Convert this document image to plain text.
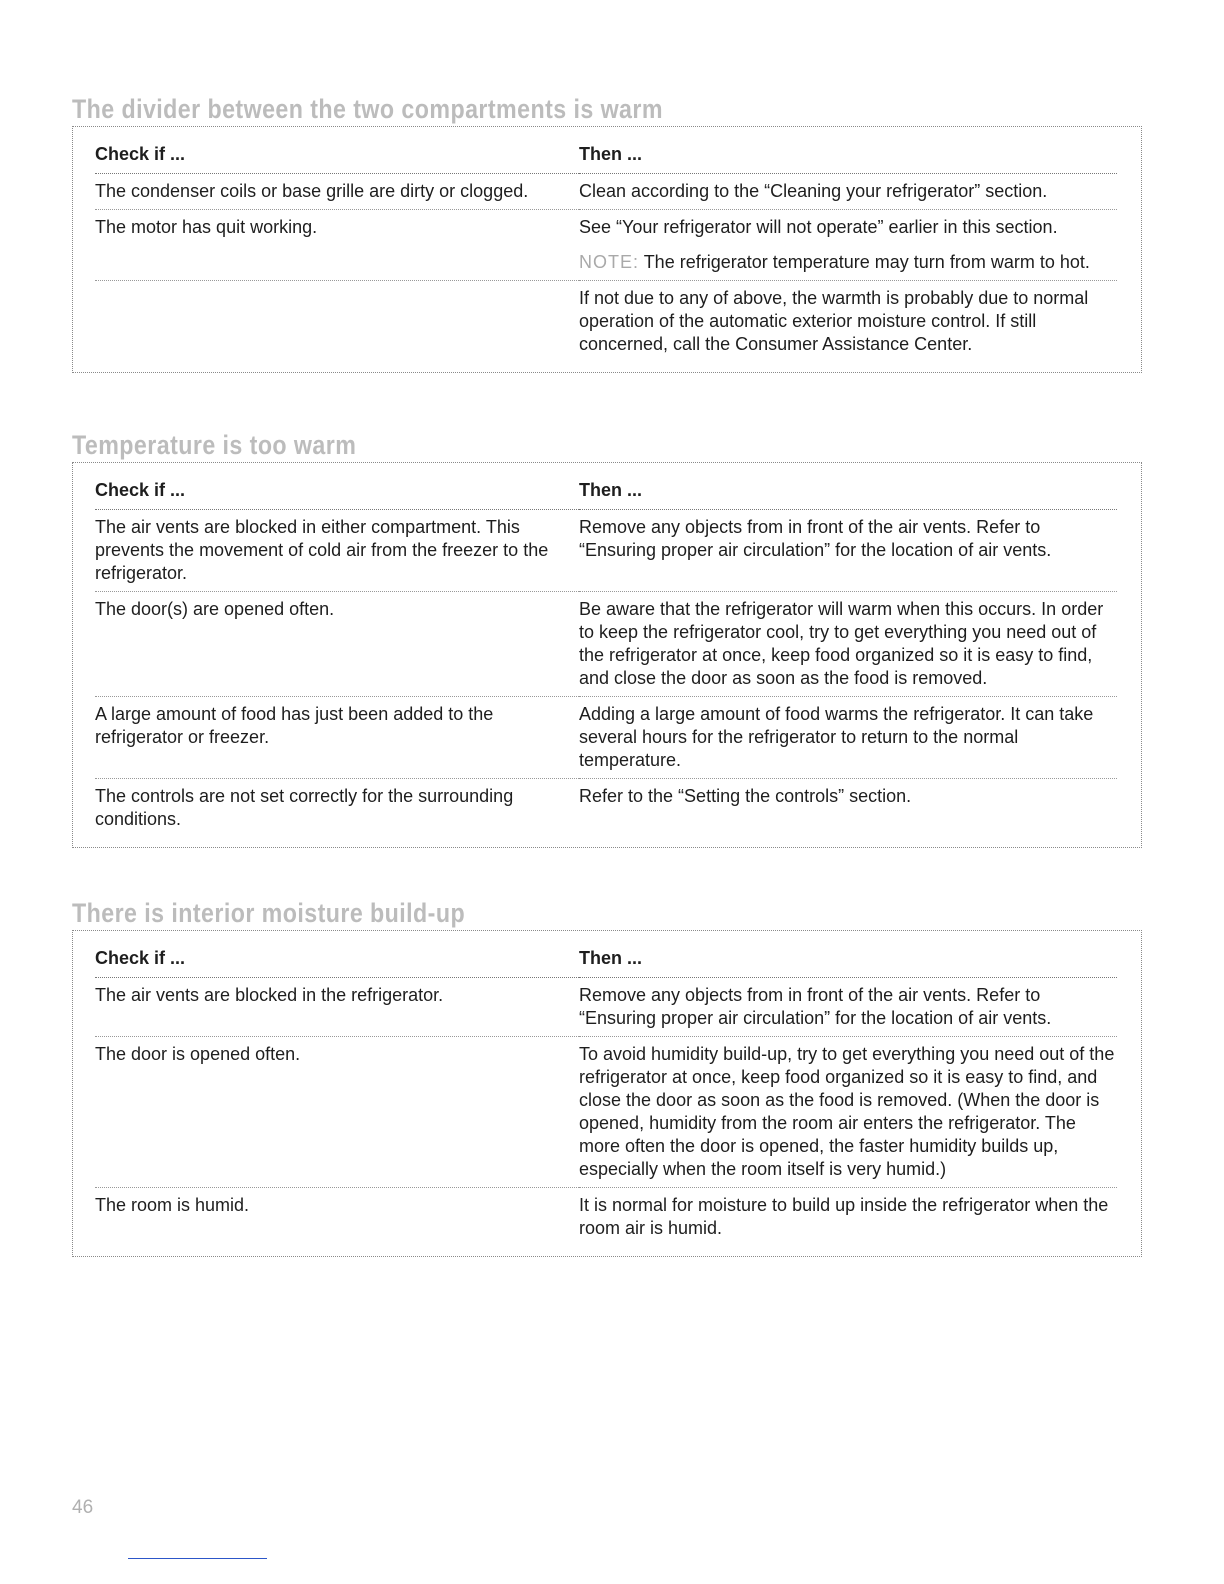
The divider between the two compartments is warm
Check if ...	Then ...
The condenser coils or base grille are dirty or clogged.	Clean according to the “Cleaning your refrigerator” section.

The motor has quit working.	See “Your refrigerator will not operate” earlier in this section.

NOTE: The refrigerator temperature may turn from warm to hot.

	If not due to any of above, the warmth is probably due to normal operation of the automatic exterior moisture control. If still concerned, call the Consumer Assistance Center.

Temperature is too warm
Check if ...	Then ...
The air vents are blocked in either compartment. This prevents the movement of cold air from the freezer to the refrigerator.	Remove any objects from in front of the air vents. Refer to “Ensuring proper air circulation” for the location of air vents.

The door(s) are opened often.	Be aware that the refrigerator will warm when this occurs. In order to keep the refrigerator cool, try to get everything you need out of the refrigerator at once, keep food organized so it is easy to find, and close the door as soon as the food is removed.

A large amount of food has just been added to the refrigerator or freezer.	Adding a large amount of food warms the refrigerator. It can take several hours for the refrigerator to return to the normal temperature.

The controls are not set correctly for the surrounding conditions.	Refer to the “Setting the controls” section.

There is interior moisture build-up
Check if ...	Then ...
The air vents are blocked in the refrigerator.	Remove any objects from in front of the air vents. Refer to “Ensuring proper air circulation” for the location of air vents.

The door is opened often.	To avoid humidity build-up, try to get everything you need out of the refrigerator at once, keep food organized so it is easy to find, and close the door as soon as the food is removed. (When the door is opened, humidity from the room air enters the refrigerator. The more often the door is opened, the faster humidity builds up, especially when the room itself is very humid.)

The room is humid.	It is normal for moisture to build up inside the refrigerator when the room air is humid.

46
